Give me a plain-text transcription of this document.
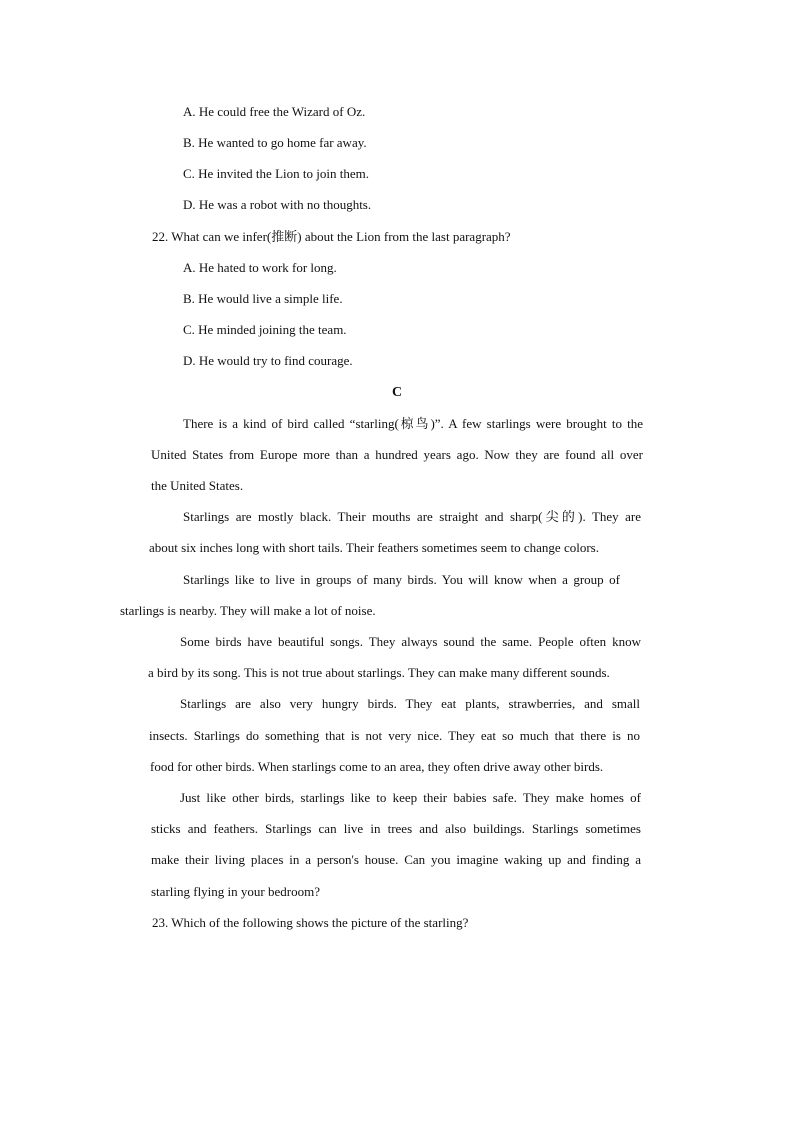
A. He could free the Wizard of Oz.
B. He wanted to go home far away.
C. He invited the Lion to join them.
D. He was a robot with no thoughts.
22. What can we infer(推断) about the Lion from the last paragraph?
A. He hated to work for long.
B. He would live a simple life.
C. He minded joining the team.
D. He would try to find courage.
C
There is a kind of bird called “starling(椋鸟)”. A few starlings were brought to the
United States from Europe more than a hundred years ago. Now they are found all over
the United States.
Starlings are mostly black. Their mouths are straight and sharp(尖的). They are
about six inches long with short tails. Their feathers sometimes seem to change colors.
Starlings like to live in groups of many birds. You will know when a group of
starlings is nearby. They will make a lot of noise.
Some birds have beautiful songs. They always sound the same. People often know
a bird by its song. This is not true about starlings. They can make many different sounds.
Starlings are also very hungry birds. They eat plants, strawberries, and small
insects. Starlings do something that is not very nice. They eat so much that there is no
food for other birds. When starlings come to an area, they often drive away other birds.
Just like other birds, starlings like to keep their babies safe. They make homes of
sticks and feathers. Starlings can live in trees and also buildings. Starlings sometimes
make their living places in a person's house. Can you imagine waking up and finding a
starling flying in your bedroom?
23. Which of the following shows the picture of the starling?
